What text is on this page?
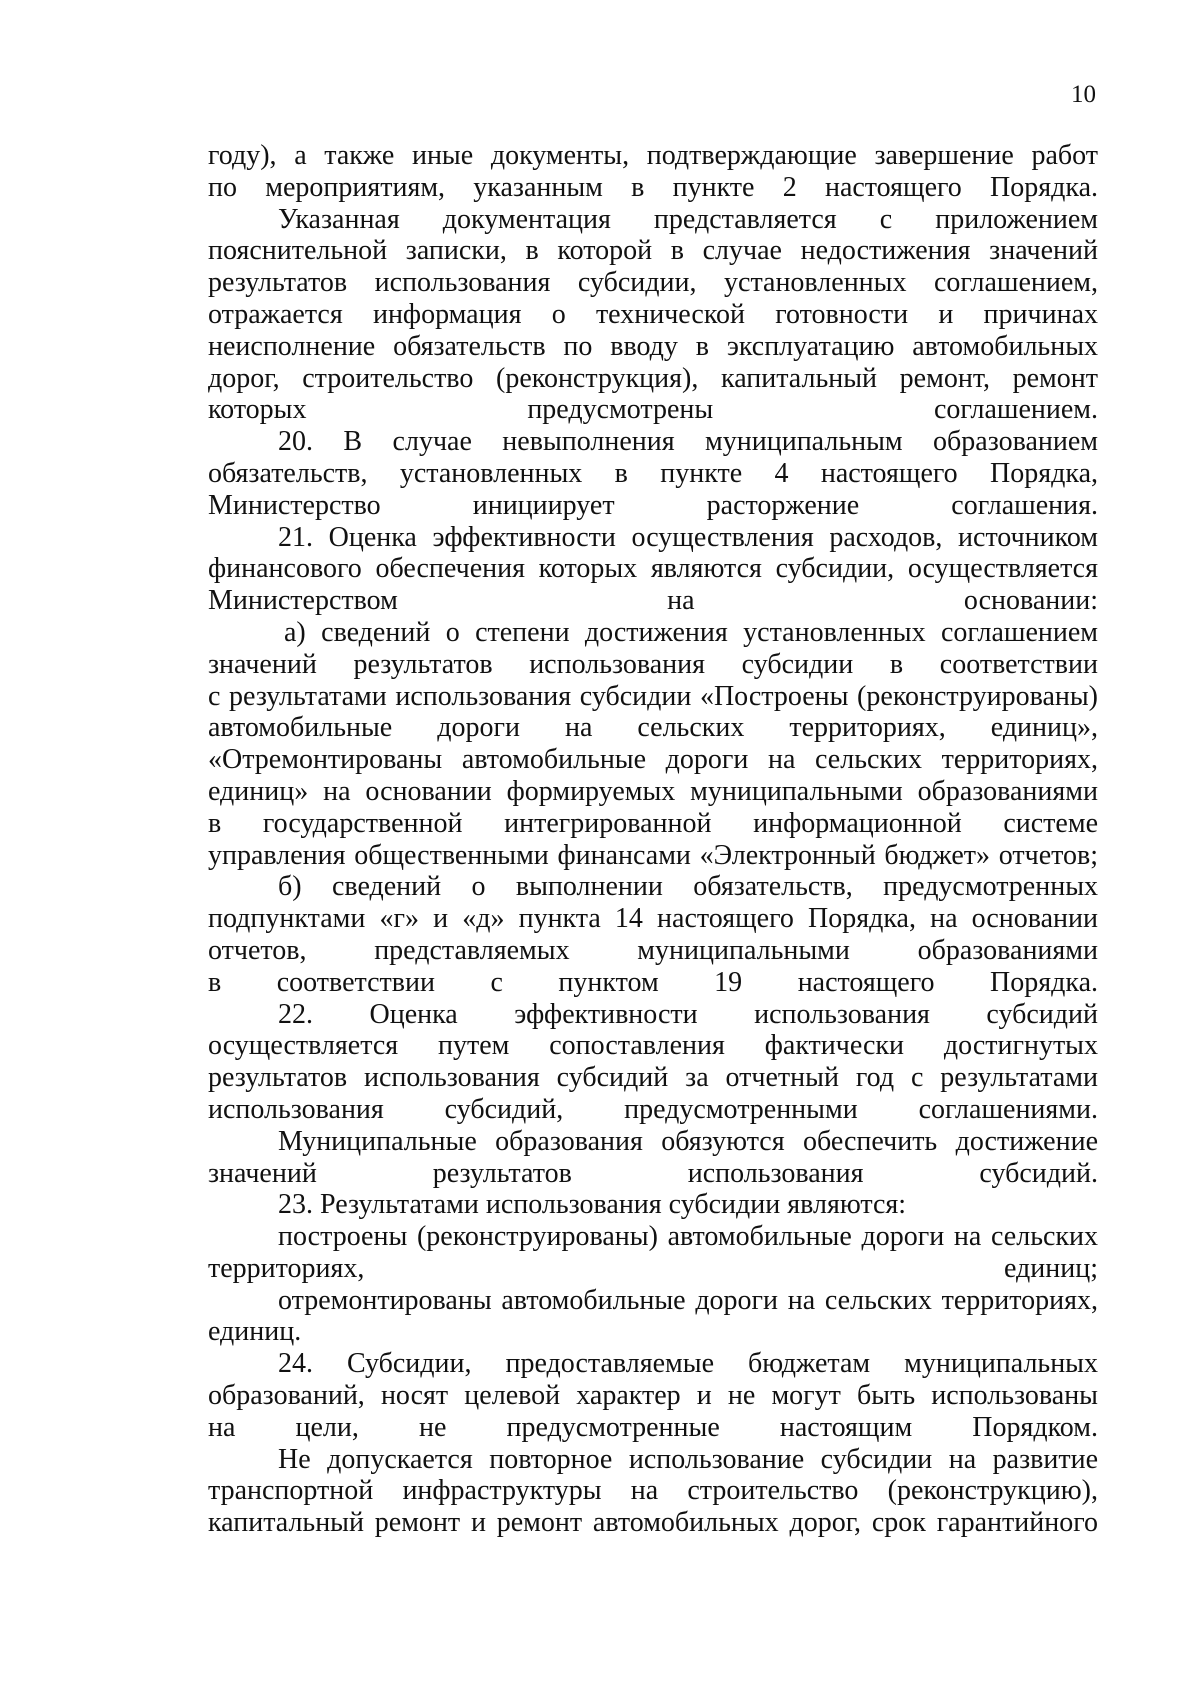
10

году), а также иные документы, подтверждающие завершение работ
по мероприятиям, указанным в пункте 2 настоящего Порядка.

Указанная документация представляется с приложением
пояснительной записки, в которой в случае недостижения значений
результатов использования субсидии, установленных соглашением,
отражается информация о технической готовности и причинах
неисполнение обязательств по вводу в эксплуатацию автомобильных
дорог, строительство (реконструкция), капитальный ремонт, ремонт
которых предусмотрены соглашением.

20. В случае невыполнения муниципальным образованием
обязательств, установленных в пункте 4 настоящего Порядка,
Министерство инициирует расторжение соглашения.

21. Оценка эффективности осуществления расходов, источником
финансового обеспечения которых являются субсидии, осуществляется
Министерством на основании:

а) сведений о степени достижения установленных соглашением
значений результатов использования субсидии в соответствии
с результатами использования субсидии «Построены (реконструированы)
автомобильные дороги на сельских территориях, единиц»,
«Отремонтированы автомобильные дороги на сельских территориях,
единиц» на основании формируемых муниципальными образованиями
в государственной интегрированной информационной системе
управления общественными финансами «Электронный бюджет» отчетов;

б) сведений о выполнении обязательств, предусмотренных
подпунктами «г» и «д» пункта 14 настоящего Порядка, на основании
отчетов, представляемых муниципальными образованиями
в соответствии с пунктом 19 настоящего Порядка.

22. Оценка эффективности использования субсидий
осуществляется путем сопоставления фактически достигнутых
результатов использования субсидий за отчетный год с результатами
использования субсидий, предусмотренными соглашениями.

Муниципальные образования обязуются обеспечить достижение
значений результатов использования субсидий.

23. Результатами использования субсидии являются:

построены (реконструированы) автомобильные дороги на сельских
территориях, единиц;

отремонтированы автомобильные дороги на сельских территориях,
единиц.

24. Субсидии, предоставляемые бюджетам муниципальных
образований, носят целевой характер и не могут быть использованы
на цели, не предусмотренные настоящим Порядком.

Не допускается повторное использование субсидии на развитие
транспортной инфраструктуры на строительство (реконструкцию),
капитальный ремонт и ремонт автомобильных дорог, срок гарантийного
